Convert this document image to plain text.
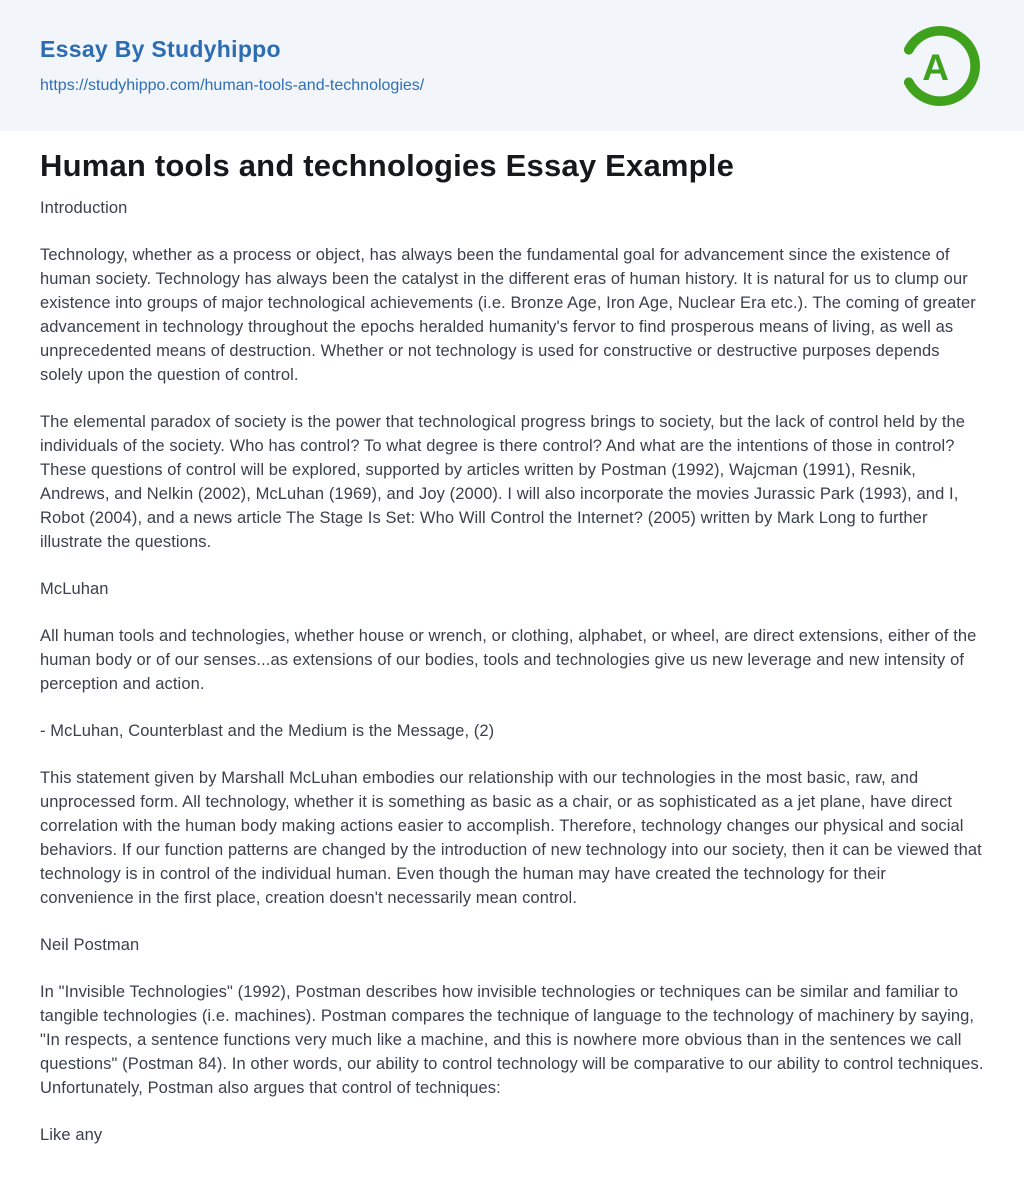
Essay By Studyhippo
https://studyhippo.com/human-tools-and-technologies/	A
Human tools and technologies Essay Example

Introduction

Technology, whether as a process or object, has always been the fundamental goal for advancement since the existence of human society. Technology has always been the catalyst in the different eras of human history. It is natural for us to clump our existence into groups of major technological achievements (i.e. Bronze Age, Iron Age, Nuclear Era etc.). The coming of greater advancement in technology throughout the epochs heralded humanity's fervor to find prosperous means of living, as well as unprecedented means of destruction. Whether or not technology is used for constructive or destructive purposes depends solely upon the question of control.

The elemental paradox of society is the power that technological progress brings to society, but the lack of control held by the individuals of the society. Who has control? To what degree is there control? And what are the intentions of those in control? These questions of control will be explored, supported by articles written by Postman (1992), Wajcman (1991), Resnik, Andrews, and Nelkin (2002), McLuhan (1969), and Joy (2000). I will also incorporate the movies Jurassic Park (1993), and I, Robot (2004), and a news article The Stage Is Set: Who Will Control the Internet? (2005) written by Mark Long to further illustrate the questions.

McLuhan

All human tools and technologies, whether house or wrench, or clothing, alphabet, or wheel, are direct extensions, either of the human body or of our senses...as extensions of our bodies, tools and technologies give us new leverage and new intensity of perception and action.

- McLuhan, Counterblast and the Medium is the Message, (2)

This statement given by Marshall McLuhan embodies our relationship with our technologies in the most basic, raw, and unprocessed form. All technology, whether it is something as basic as a chair, or as sophisticated as a jet plane, have direct correlation with the human body making actions easier to accomplish. Therefore, technology changes our physical and social behaviors. If our function patterns are changed by the introduction of new technology into our society, then it can be viewed that technology is in control of the individual human. Even though the human may have created the technology for their convenience in the first place, creation doesn't necessarily mean control.

Neil Postman

In "Invisible Technologies" (1992), Postman describes how invisible technologies or techniques can be similar and familiar to tangible technologies (i.e. machines). Postman compares the technique of language to the technology of machinery by saying, "In respects, a sentence functions very much like a machine, and this is nowhere more obvious than in the sentences we call questions" (Postman 84). In other words, our ability to control technology will be comparative to our ability to control techniques. Unfortunately, Postman also argues that control of techniques:

Like any
